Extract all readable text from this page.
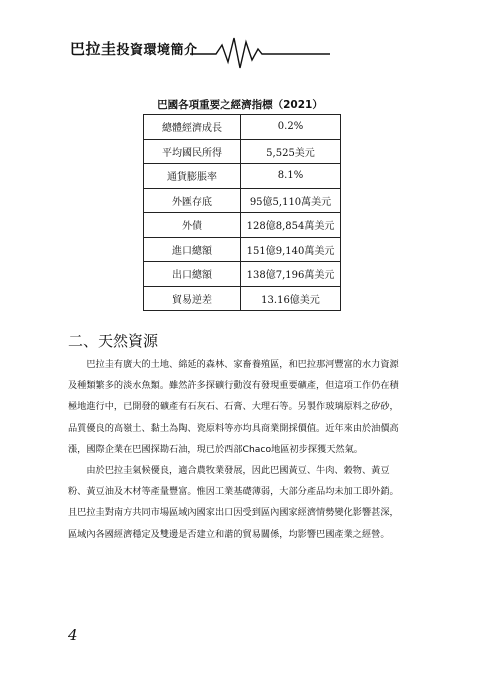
巴拉圭投資環境簡介
巴國各項重要之經濟指標（2021）
總體經濟成長	0.2%
平均國民所得	5,525美元
通貨膨脹率	8.1%
外匯存底	95億5,110萬美元
外債	128億8,854萬美元
進口總額	151億9,140萬美元
出口總額	138億7,196萬美元
貿易逆差	13.16億美元
二、天然資源

　　巴拉圭有廣大的土地、綿延的森林、家畜養殖區，和巴拉那河豐富的水力資源
及種類繁多的淡水魚類。雖然許多探礦行動沒有發現重要礦產，但這項工作仍在積
極地進行中，已開發的礦產有石灰石、石膏、大理石等。另製作玻璃原料之矽砂，
品質優良的高嶺土、黏土為陶、瓷原料等亦均具商業開採價值。近年來由於油價高
漲，國際企業在巴國探勘石油，現已於西部Chaco地區初步探獲天然氣。

　　由於巴拉圭氣候優良，適合農牧業發展，因此巴國黃豆、牛肉、穀物、黃豆
粉、黃豆油及木材等產量豐富。惟因工業基礎薄弱，大部分產品均未加工即外銷。
且巴拉圭對南方共同市場區域內國家出口因受到區內國家經濟情勢變化影響甚深，
區域內各國經濟穩定及雙邊是否建立和諧的貿易關係，均影響巴國產業之經營。

4
